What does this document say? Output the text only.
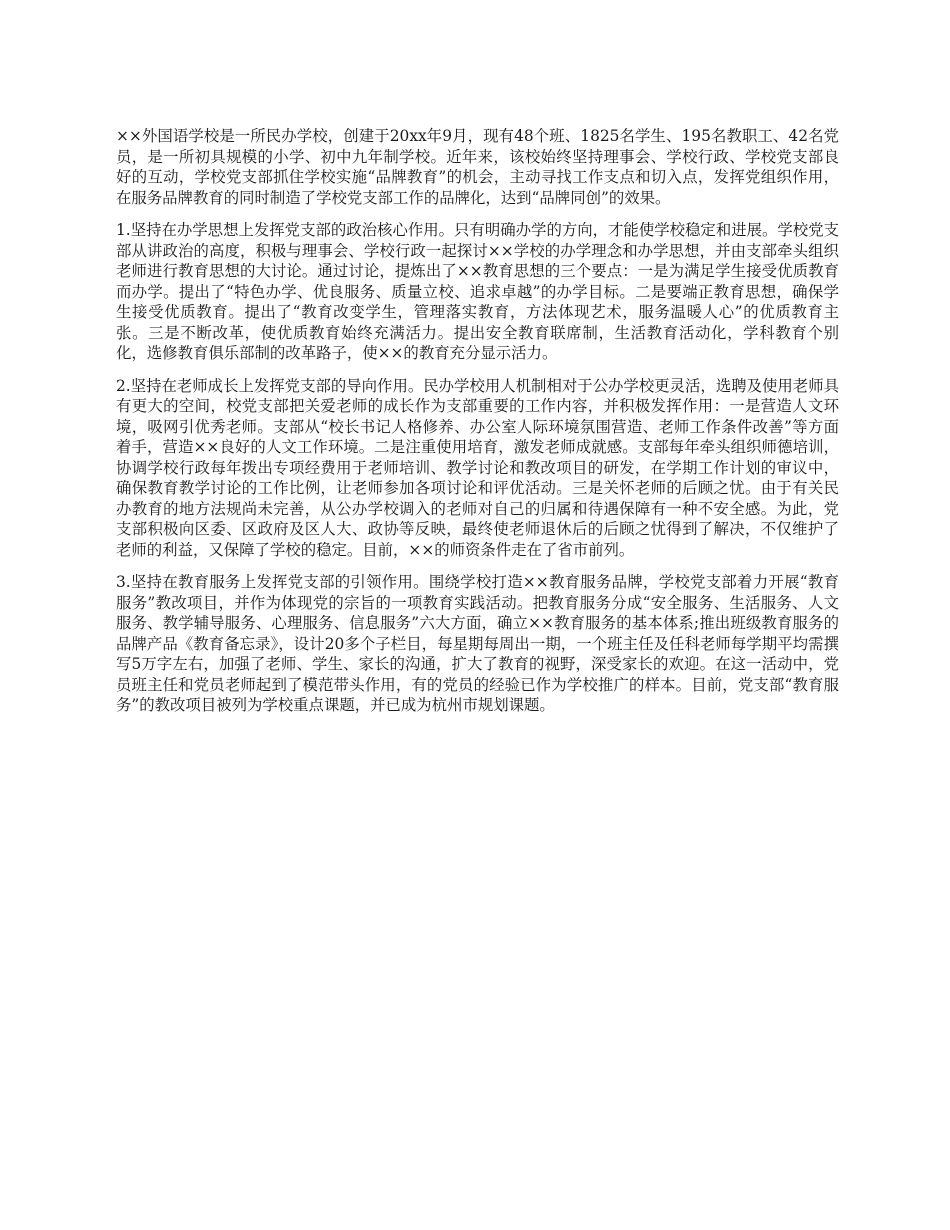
××外国语学校是一所民办学校，创建于20xx年9月，现有48个班、1825名学生、195名教职工、42名党员，是一所初具规模的小学、初中九年制学校。近年来，该校始终坚持理事会、学校行政、学校党支部良好的互动，学校党支部抓住学校实施“品牌教育”的机会，主动寻找工作支点和切入点，发挥党组织作用，在服务品牌教育的同时制造了学校党支部工作的品牌化，达到“品牌同创”的效果。

1.坚持在办学思想上发挥党支部的政治核心作用。只有明确办学的方向，才能使学校稳定和进展。学校党支部从讲政治的高度，积极与理事会、学校行政一起探讨××学校的办学理念和办学思想，并由支部牵头组织老师进行教育思想的大讨论。通过讨论，提炼出了××教育思想的三个要点：一是为满足学生接受优质教育而办学。提出了“特色办学、优良服务、质量立校、追求卓越”的办学目标。二是要端正教育思想，确保学生接受优质教育。提出了“教育改变学生，管理落实教育，方法体现艺术，服务温暖人心”的优质教育主张。三是不断改革，使优质教育始终充满活力。提出安全教育联席制，生活教育活动化，学科教育个别化，选修教育俱乐部制的改革路子，使××的教育充分显示活力。

2.坚持在老师成长上发挥党支部的导向作用。民办学校用人机制相对于公办学校更灵活，选聘及使用老师具有更大的空间，校党支部把关爱老师的成长作为支部重要的工作内容，并积极发挥作用：一是营造人文环境，吸网引优秀老师。支部从“校长书记人格修养、办公室人际环境氛围营造、老师工作条件改善”等方面着手，营造××良好的人文工作环境。二是注重使用培育，激发老师成就感。支部每年牵头组织师德培训，协调学校行政每年拨出专项经费用于老师培训、教学讨论和教改项目的研发，在学期工作计划的审议中，确保教育教学讨论的工作比例，让老师参加各项讨论和评优活动。三是关怀老师的后顾之忧。由于有关民办教育的地方法规尚未完善，从公办学校调入的老师对自己的归属和待遇保障有一种不安全感。为此，党支部积极向区委、区政府及区人大、政协等反映，最终使老师退休后的后顾之忧得到了解决，不仅维护了老师的利益，又保障了学校的稳定。目前，××的师资条件走在了省市前列。

3.坚持在教育服务上发挥党支部的引领作用。围绕学校打造××教育服务品牌，学校党支部着力开展“教育服务”教改项目，并作为体现党的宗旨的一项教育实践活动。把教育服务分成“安全服务、生活服务、人文服务、教学辅导服务、心理服务、信息服务”六大方面，确立××教育服务的基本体系;推出班级教育服务的品牌产品《教育备忘录》，设计20多个子栏目，每星期每周出一期，一个班主任及任科老师每学期平均需撰写5万字左右，加强了老师、学生、家长的沟通，扩大了教育的视野，深受家长的欢迎。在这一活动中，党员班主任和党员老师起到了模范带头作用，有的党员的经验已作为学校推广的样本。目前，党支部“教育服务”的教改项目被列为学校重点课题，并已成为杭州市规划课题。
